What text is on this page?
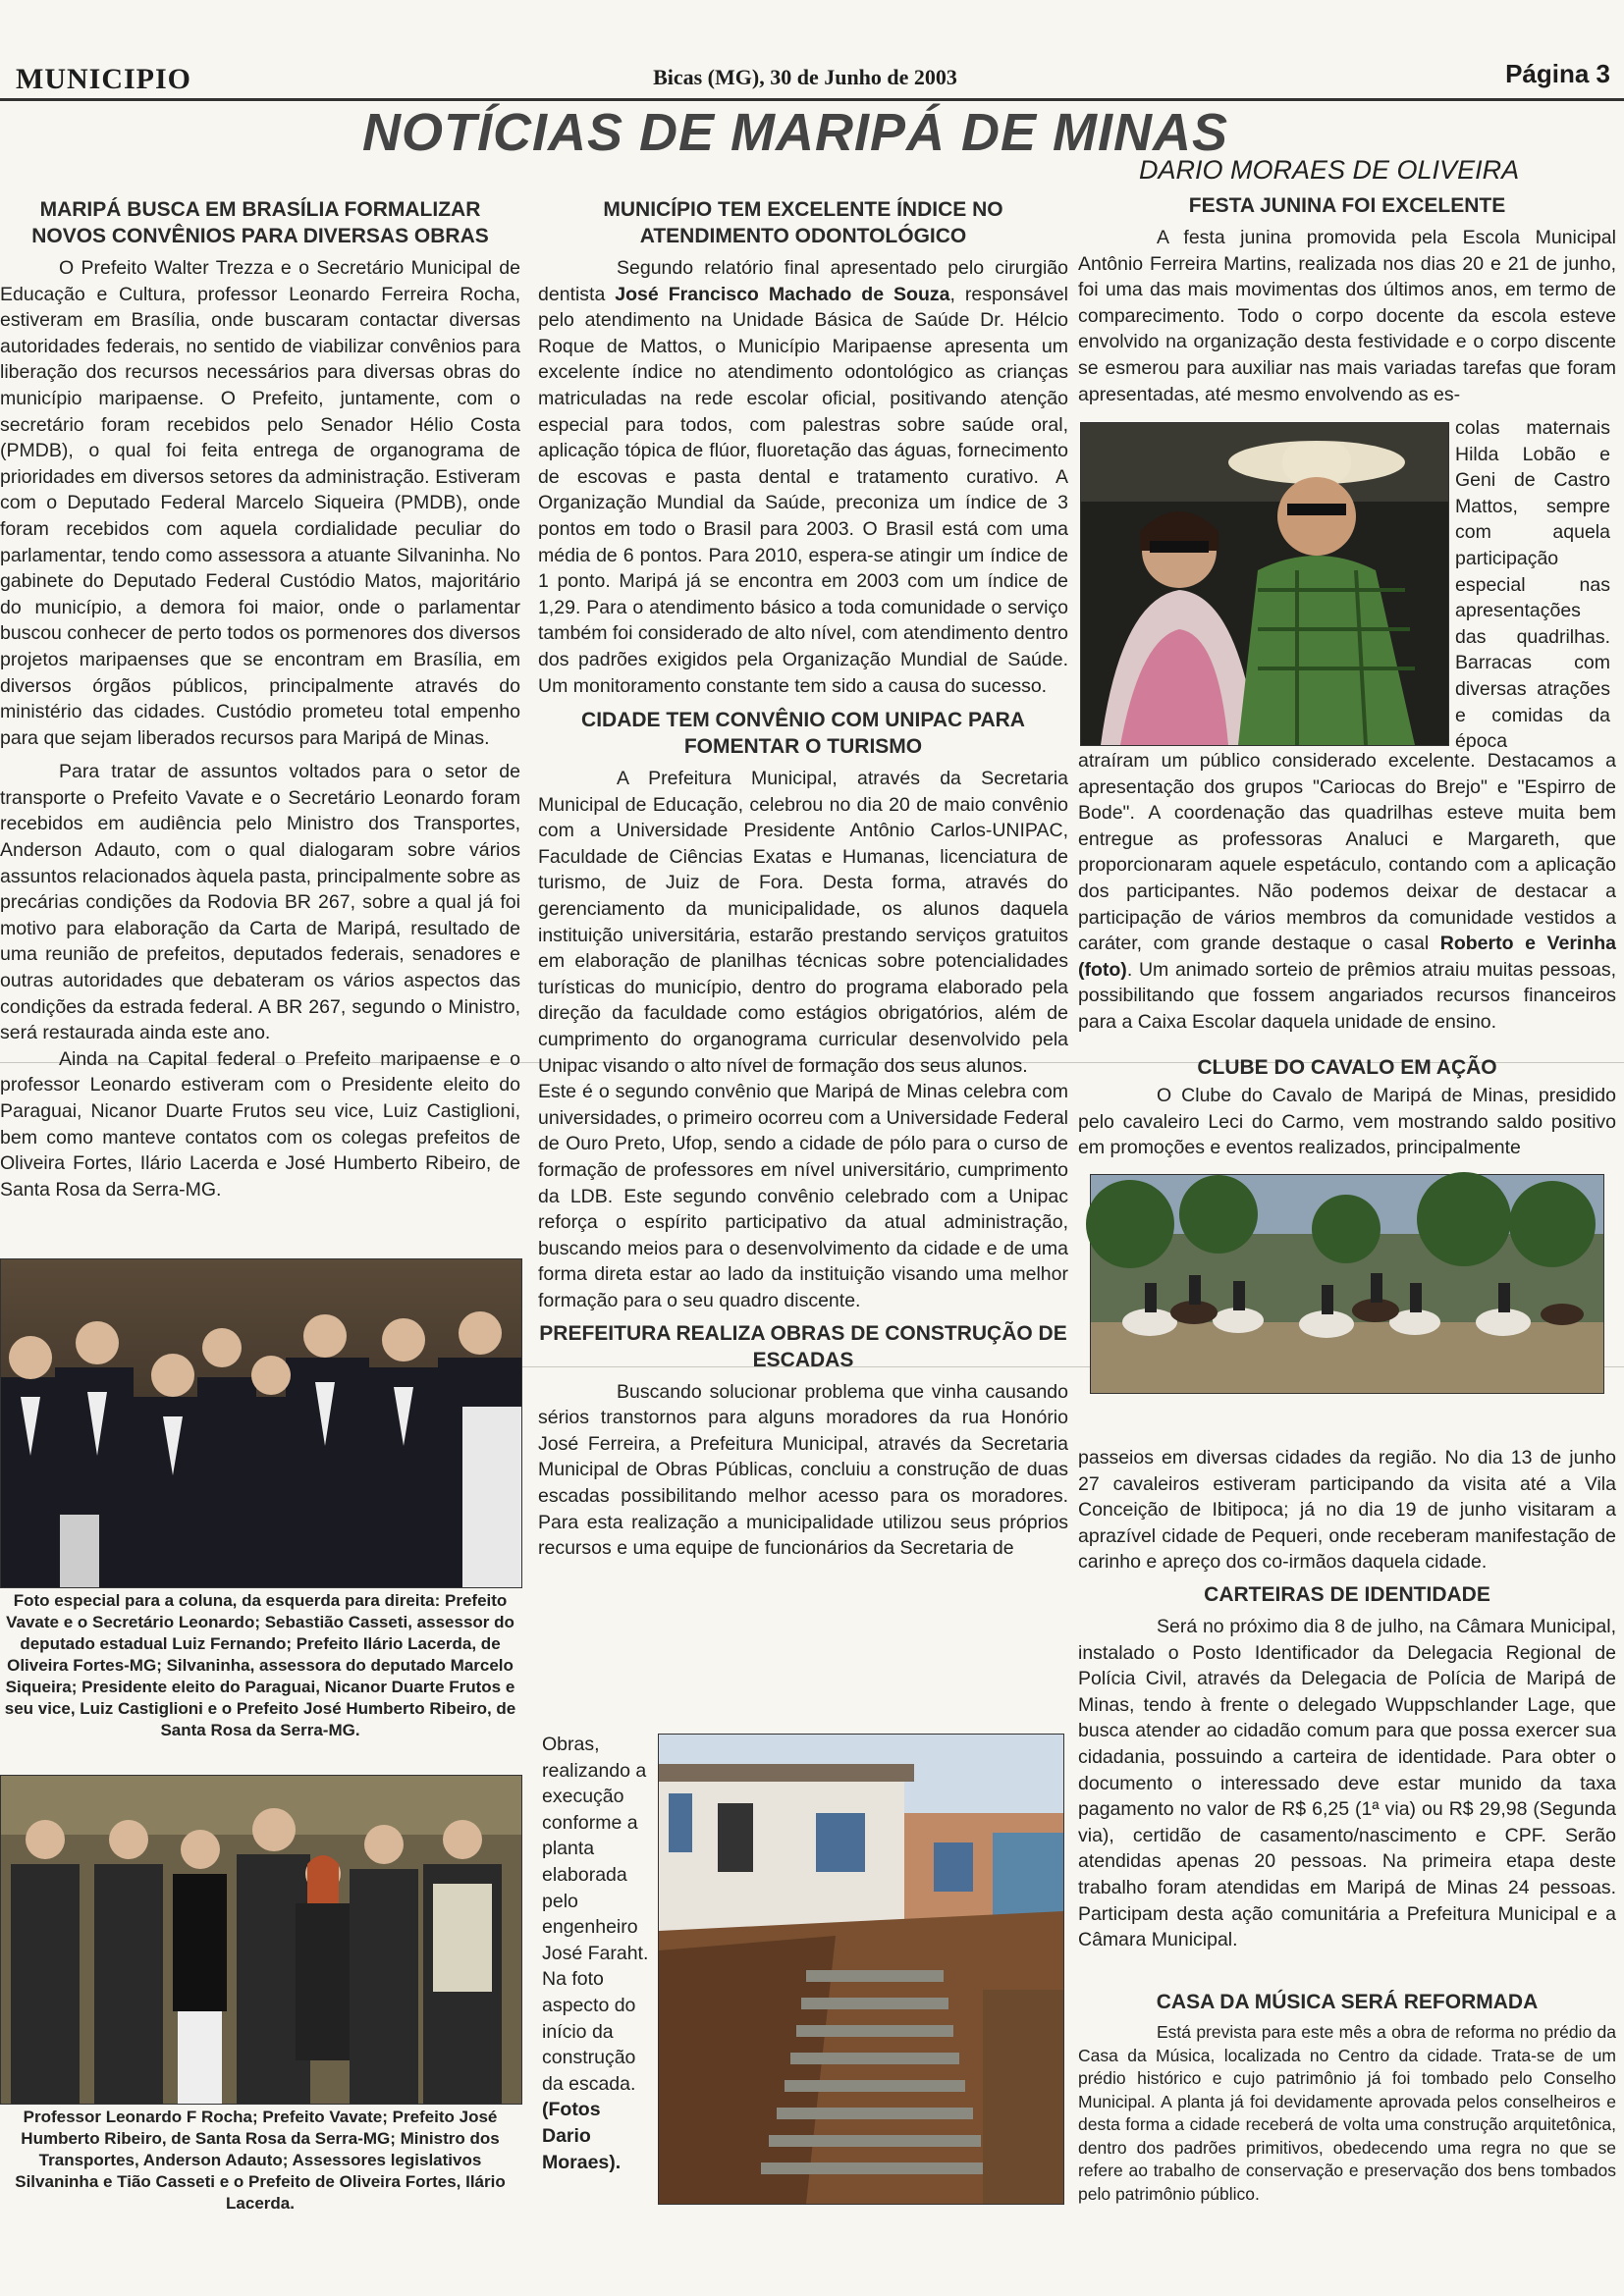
MUNICIPIO	Bicas (MG), 30 de Junho de 2003	Página 3
NOTÍCIAS DE MARIPÁ DE MINAS
DARIO MORAES DE OLIVEIRA
MARIPÁ BUSCA EM BRASÍLIA FORMALIZAR NOVOS CONVÊNIOS PARA DIVERSAS OBRAS

O Prefeito Walter Trezza e o Secretário Municipal de Educação e Cultura, professor Leonardo Ferreira Rocha, estiveram em Brasília, onde buscaram contactar diversas autoridades federais, no sentido de viabilizar convênios para liberação dos recursos necessários para diversas obras do município maripaense. O Prefeito, juntamente, com o secretário foram recebidos pelo Senador Hélio Costa (PMDB), o qual foi feita entrega de organograma de prioridades em diversos setores da administração. Estiveram com o Deputado Federal Marcelo Siqueira (PMDB), onde foram recebidos com aquela cordialidade peculiar do parlamentar, tendo como assessora a atuante Silvaninha. No gabinete do Deputado Federal Custódio Matos, majoritário do município, a demora foi maior, onde o parlamentar buscou conhecer de perto todos os pormenores dos diversos projetos maripaenses que se encontram em Brasília, em diversos órgãos públicos, principalmente através do ministério das cidades. Custódio prometeu total empenho para que sejam liberados recursos para Maripá de Minas.

Para tratar de assuntos voltados para o setor de transporte o Prefeito Vavate e o Secretário Leonardo foram recebidos em audiência pelo Ministro dos Transportes, Anderson Adauto, com o qual dialogaram sobre vários assuntos relacionados àquela pasta, principalmente sobre as precárias condições da Rodovia BR 267, sobre a qual já foi motivo para elaboração da Carta de Maripá, resultado de uma reunião de prefeitos, deputados federais, senadores e outras autoridades que debateram os vários aspectos das condições da estrada federal. A BR 267, segundo o Ministro, será restaurada ainda este ano.

Ainda na Capital federal o Prefeito maripaense e o professor Leonardo estiveram com o Presidente eleito do Paraguai, Nicanor Duarte Frutos seu vice, Luiz Castiglioni, bem como manteve contatos com os colegas prefeitos de Oliveira Fortes, Ilário Lacerda e José Humberto Ribeiro, de Santa Rosa da Serra-MG.

Foto especial para a coluna, da esquerda para direita: Prefeito Vavate e o Secretário Leonardo; Sebastião Casseti, assessor do deputado estadual Luiz Fernando; Prefeito Ilário Lacerda, de Oliveira Fortes-MG; Silvaninha, assessora do deputado Marcelo Siqueira; Presidente eleito do Paraguai, Nicanor Duarte Frutos e seu vice, Luiz Castiglioni e o Prefeito José Humberto Ribeiro, de Santa Rosa da Serra-MG.
Professor Leonardo F Rocha; Prefeito Vavate; Prefeito José Humberto Ribeiro, de Santa Rosa da Serra-MG; Ministro dos Transportes, Anderson Adauto; Assessores legislativos Silvaninha e Tião Casseti e o Prefeito de Oliveira Fortes, Ilário Lacerda.
MUNICÍPIO TEM EXCELENTE ÍNDICE NO ATENDIMENTO ODONTOLÓGICO

Segundo relatório final apresentado pelo cirurgião dentista José Francisco Machado de Souza, responsável pelo atendimento na Unidade Básica de Saúde Dr. Hélcio Roque de Mattos, o Município Maripaense apresenta um excelente índice no atendimento odontológico as crianças matriculadas na rede escolar oficial, positivando atenção especial para todos, com palestras sobre saúde oral, aplicação tópica de flúor, fluoretação das águas, fornecimento de escovas e pasta dental e tratamento curativo. A Organização Mundial da Saúde, preconiza um índice de 3 pontos em todo o Brasil para 2003. O Brasil está com uma média de 6 pontos. Para 2010, espera-se atingir um índice de 1 ponto. Maripá já se encontra em 2003 com um índice de 1,29. Para o atendimento básico a toda comunidade o serviço também foi considerado de alto nível, com atendimento dentro dos padrões exigidos pela Organização Mundial de Saúde. Um monitoramento constante tem sido a causa do sucesso.

CIDADE TEM CONVÊNIO COM UNIPAC PARA FOMENTAR O TURISMO

A Prefeitura Municipal, através da Secretaria Municipal de Educação, celebrou no dia 20 de maio convênio com a Universidade Presidente Antônio Carlos-UNIPAC, Faculdade de Ciências Exatas e Humanas, licenciatura de turismo, de Juiz de Fora. Desta forma, através do gerenciamento da municipalidade, os alunos daquela instituição universitária, estarão prestando serviços gratuitos em elaboração de planilhas técnicas sobre potencialidades turísticas do município, dentro do programa elaborado pela direção da faculdade como estágios obrigatórios, além de cumprimento do organograma curricular desenvolvido pela Unipac visando o alto nível de formação dos seus alunos.

Este é o segundo convênio que Maripá de Minas celebra com universidades, o primeiro ocorreu com a Universidade Federal de Ouro Preto, Ufop, sendo a cidade de pólo para o curso de formação de professores em nível universitário, cumprimento da LDB. Este segundo convênio celebrado com a Unipac reforça o espírito participativo da atual administração, buscando meios para o desenvolvimento da cidade e de uma forma direta estar ao lado da instituição visando uma melhor formação para o seu quadro discente.

PREFEITURA REALIZA OBRAS DE CONSTRUÇÃO DE ESCADAS

Buscando solucionar problema que vinha causando sérios transtornos para alguns moradores da rua Honório José Ferreira, a Prefeitura Municipal, através da Secretaria Municipal de Obras Públicas, concluiu a construção de duas escadas possibilitando melhor acesso para os moradores. Para esta realização a municipalidade utilizou seus próprios recursos e uma equipe de funcionários da Secretaria de

Obras, realizando a execução conforme a planta elaborada pelo engenheiro José Faraht. Na foto aspecto do início da construção da escada. (Fotos Dario Moraes).
FESTA JUNINA FOI EXCELENTE

A festa junina promovida pela Escola Municipal Antônio Ferreira Martins, realizada nos dias 20 e 21 de junho, foi uma das mais movimentas dos últimos anos, em termo de comparecimento. Todo o corpo docente da escola esteve envolvido na organização desta festividade e o corpo discente se esmerou para auxiliar nas mais variadas tarefas que foram apresentadas, até mesmo envolvendo as es-

colas maternais Hilda Lobão e Geni de Castro Mattos, sempre com aquela participação especial nas apresentações das quadrilhas. Barracas com diversas atrações e comidas da época

atraíram um público considerado excelente. Destacamos a apresentação dos grupos "Cariocas do Brejo" e "Espirro de Bode". A coordenação das quadrilhas esteve muita bem entregue as professoras Analuci e Margareth, que proporcionaram aquele espetáculo, contando com a aplicação dos participantes. Não podemos deixar de destacar a participação de vários membros da comunidade vestidos a caráter, com grande destaque o casal Roberto e Verinha (foto). Um animado sorteio de prêmios atraiu muitas pessoas, possibilitando que fossem angariados recursos financeiros para a Caixa Escolar daquela unidade de ensino.

CLUBE DO CAVALO EM AÇÃO

O Clube do Cavalo de Maripá de Minas, presidido pelo cavaleiro Leci do Carmo, vem mostrando saldo positivo em promoções e eventos realizados, principalmente

passeios em diversas cidades da região. No dia 13 de junho 27 cavaleiros estiveram participando da visita até a Vila Conceição de Ibitipoca; já no dia 19 de junho visitaram a aprazível cidade de Pequeri, onde receberam manifestação de carinho e apreço dos co-irmãos daquela cidade.

CARTEIRAS DE IDENTIDADE

Será no próximo dia 8 de julho, na Câmara Municipal, instalado o Posto Identificador da Delegacia Regional de Polícia Civil, através da Delegacia de Polícia de Maripá de Minas, tendo à frente o delegado Wuppschlander Lage, que busca atender ao cidadão comum para que possa exercer sua cidadania, possuindo a carteira de identidade. Para obter o documento o interessado deve estar munido da taxa pagamento no valor de R$ 6,25 (1ª via) ou R$ 29,98 (Segunda via), certidão de casamento/nascimento e CPF. Serão atendidas apenas 20 pessoas. Na primeira etapa deste trabalho foram atendidas em Maripá de Minas 24 pessoas. Participam desta ação comunitária a Prefeitura Municipal e a Câmara Municipal.

CASA DA MÚSICA SERÁ REFORMADA

Está prevista para este mês a obra de reforma no prédio da Casa da Música, localizada no Centro da cidade. Trata-se de um prédio histórico e cujo patrimônio já foi tombado pelo Conselho Municipal. A planta já foi devidamente aprovada pelos conselheiros e desta forma a cidade receberá de volta uma construção arquitetônica, dentro dos padrões primitivos, obedecendo uma regra no que se refere ao trabalho de conservação e preservação dos bens tombados pelo patrimônio público.
